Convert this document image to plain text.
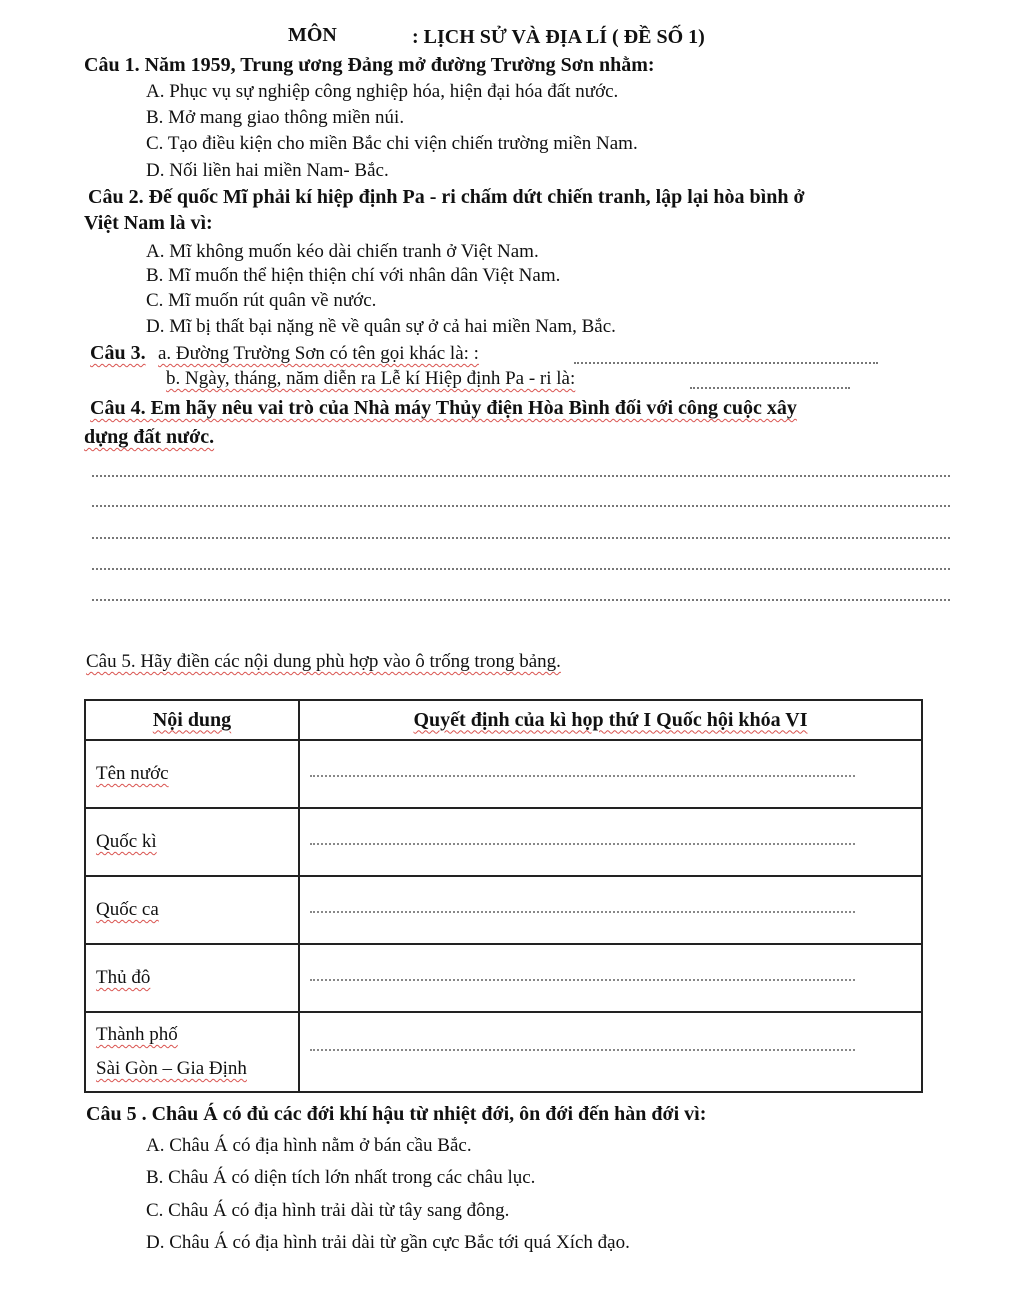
MÔN	: LỊCH SỬ VÀ ĐỊA LÍ ( ĐỀ SỐ 1)
Câu 1. Năm 1959, Trung ương Đảng mở đường Trường Sơn nhằm:
A. Phục vụ sự nghiệp công nghiệp hóa, hiện đại hóa đất nước.
B. Mở mang giao thông miền núi.
C. Tạo điều kiện cho miền Bắc chi viện chiến trường miền Nam.
D. Nối liền hai miền Nam- Bắc.
Câu 2. Đế quốc Mĩ phải kí hiệp định Pa - ri chấm dứt chiến tranh, lập lại hòa bình ở
Việt Nam là vì:
A. Mĩ không muốn kéo dài chiến tranh ở Việt Nam.
B. Mĩ muốn thể hiện thiện chí với nhân dân Việt Nam.
C. Mĩ muốn rút quân về nước.
D. Mĩ bị thất bại nặng nề về quân sự ở cả hai miền Nam, Bắc.
Câu 3. a. Đường Trường Sơn có tên gọi khác là: :
b. Ngày, tháng, năm diễn ra Lễ kí Hiệp định Pa - ri là:
Câu 4. Em hãy nêu vai trò của Nhà máy Thủy điện Hòa Bình đối với công cuộc xây
dựng đất nước.
Câu 5. Hãy điền các nội dung phù hợp vào ô trống trong bảng.
Nội dung	Quyết định của kì họp thứ I Quốc hội khóa VI
Tên nước	

Quốc kì	

Quốc ca	

Thủ đô	

Thành phố
Sài Gòn – Gia Định	
Câu 5 . Châu Á có đủ các đới khí hậu từ nhiệt đới, ôn đới đến hàn đới vì:
A. Châu Á có địa hình nằm ở bán cầu Bắc.
B. Châu Á có diện tích lớn nhất trong các châu lục.
C. Châu Á có địa hình trải dài từ tây sang đông.
D. Châu Á có địa hình trải dài từ gần cực Bắc tới quá Xích đạo.
